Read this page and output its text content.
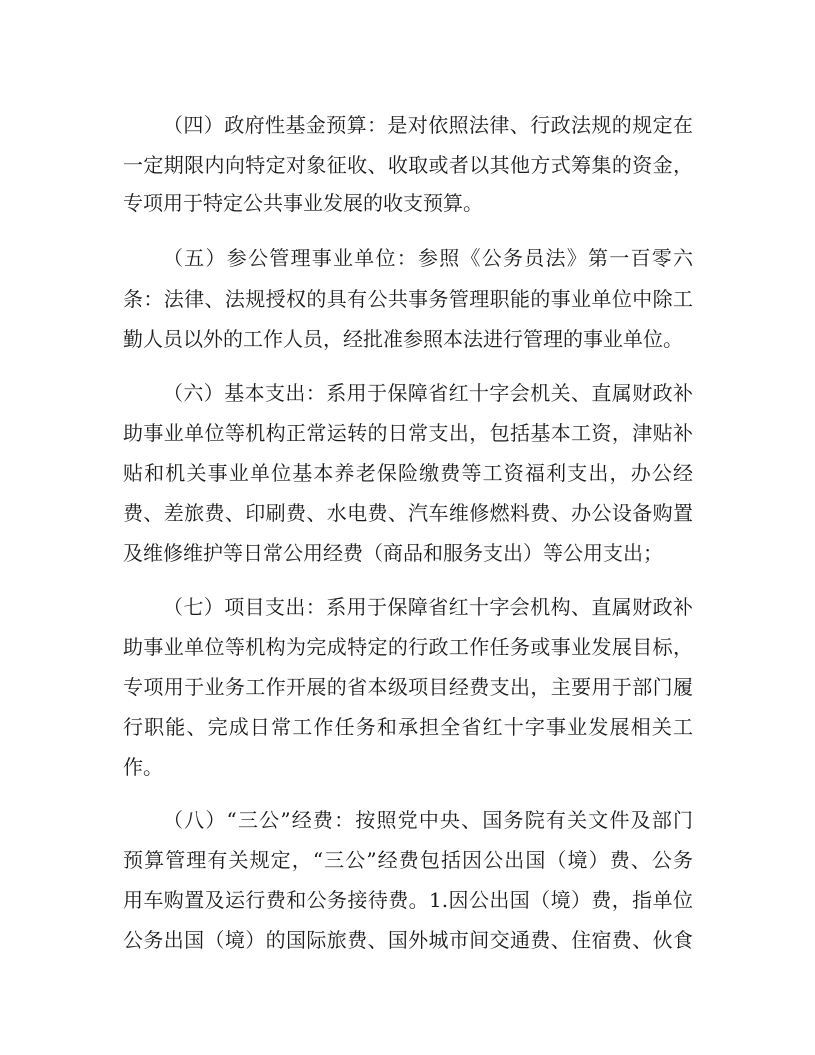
（四）政府性基金预算：是对依照法律、行政法规的规定在
一定期限内向特定对象征收、收取或者以其他方式筹集的资金，
专项用于特定公共事业发展的收支预算。
（五）参公管理事业单位：参照《公务员法》第一百零六
条：法律、法规授权的具有公共事务管理职能的事业单位中除工
勤人员以外的工作人员，经批准参照本法进行管理的事业单位。
（六）基本支出：系用于保障省红十字会机关、直属财政补
助事业单位等机构正常运转的日常支出，包括基本工资，津贴补
贴和机关事业单位基本养老保险缴费等工资福利支出，办公经
费、差旅费、印刷费、水电费、汽车维修燃料费、办公设备购置
及维修维护等日常公用经费（商品和服务支出）等公用支出；
（七）项目支出：系用于保障省红十字会机构、直属财政补
助事业单位等机构为完成特定的行政工作任务或事业发展目标，
专项用于业务工作开展的省本级项目经费支出，主要用于部门履
行职能、完成日常工作任务和承担全省红十字事业发展相关工
作。
（八）“三公”经费：按照党中央、国务院有关文件及部门
预算管理有关规定，“三公”经费包括因公出国（境）费、公务
用车购置及运行费和公务接待费。1.因公出国（境）费，指单位
公务出国（境）的国际旅费、国外城市间交通费、住宿费、伙食
